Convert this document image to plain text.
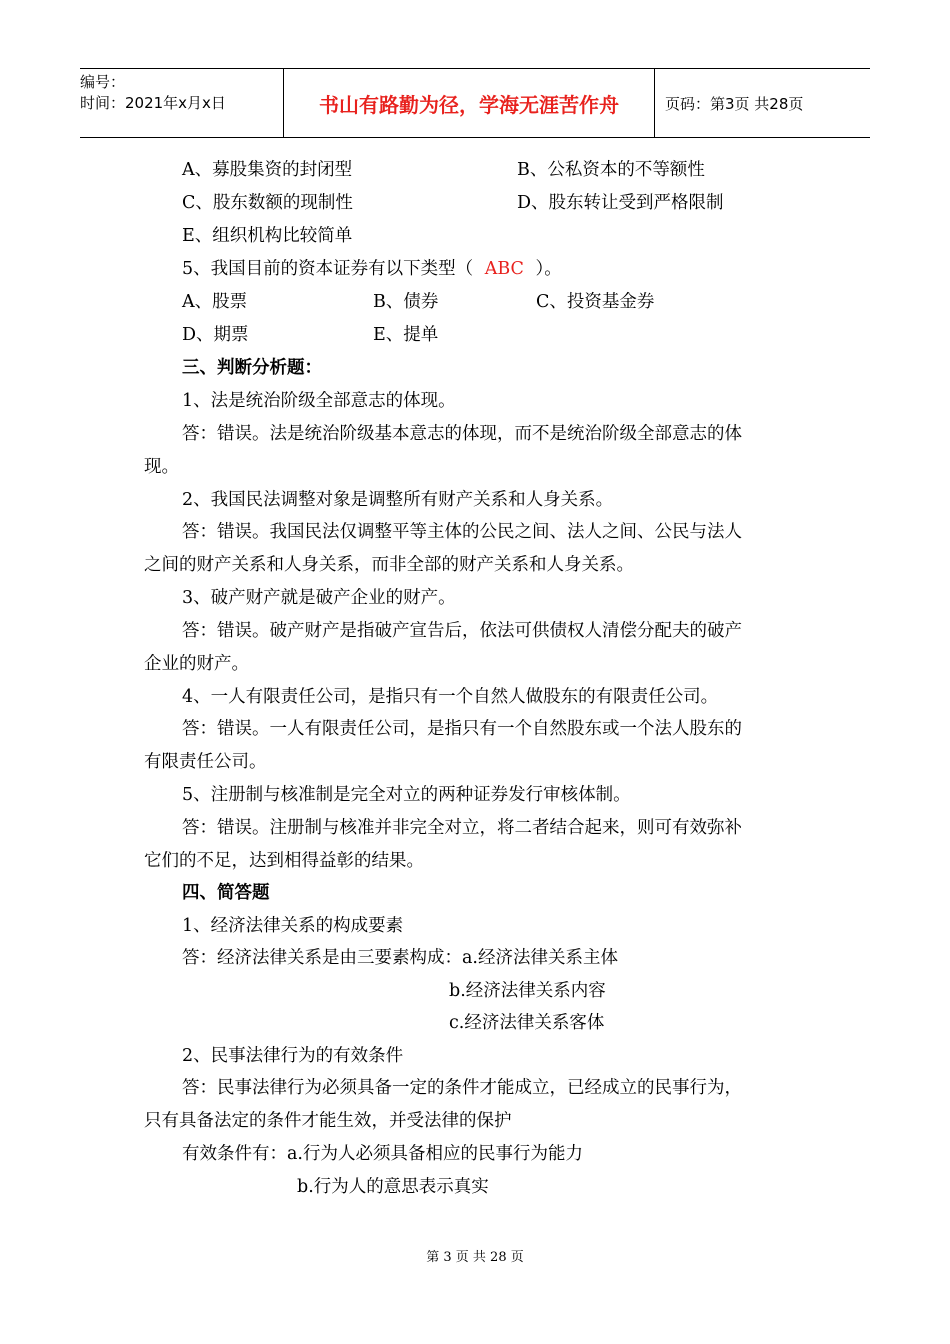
编号：
时间：2021年x月x日	书山有路勤为径，学海无涯苦作舟	页码：第3页 共28页
A、募股集资的封闭型	B、公私资本的不等额性
C、股东数额的现制性	D、股东转让受到严格限制
E、组织机构比较简单
5、我国目前的资本证券有以下类型（ ABC ）。
A、股票	B、债券	C、投资基金券
D、期票	E、提单
三、判断分析题：
1、法是统治阶级全部意志的体现。
答：错误。法是统治阶级基本意志的体现，而不是统治阶级全部意志的体
现。
2、我国民法调整对象是调整所有财产关系和人身关系。
答：错误。我国民法仅调整平等主体的公民之间、法人之间、公民与法人
之间的财产关系和人身关系，而非全部的财产关系和人身关系。
3、破产财产就是破产企业的财产。
答：错误。破产财产是指破产宣告后，依法可供债权人清偿分配夫的破产
企业的财产。
4、一人有限责任公司，是指只有一个自然人做股东的有限责任公司。
答：错误。一人有限责任公司，是指只有一个自然股东或一个法人股东的
有限责任公司。
5、注册制与核准制是完全对立的两种证券发行审核体制。
答：错误。注册制与核准并非完全对立，将二者结合起来，则可有效弥补
它们的不足，达到相得益彰的结果。
四、简答题
1、经济法律关系的构成要素
答：经济法律关系是由三要素构成：a.经济法律关系主体
b.经济法律关系内容
c.经济法律关系客体
2、民事法律行为的有效条件
答：民事法律行为必须具备一定的条件才能成立，已经成立的民事行为，
只有具备法定的条件才能生效，并受法律的保护
有效条件有：a.行为人必须具备相应的民事行为能力
b.行为人的意思表示真实
第 3 页 共 28 页
